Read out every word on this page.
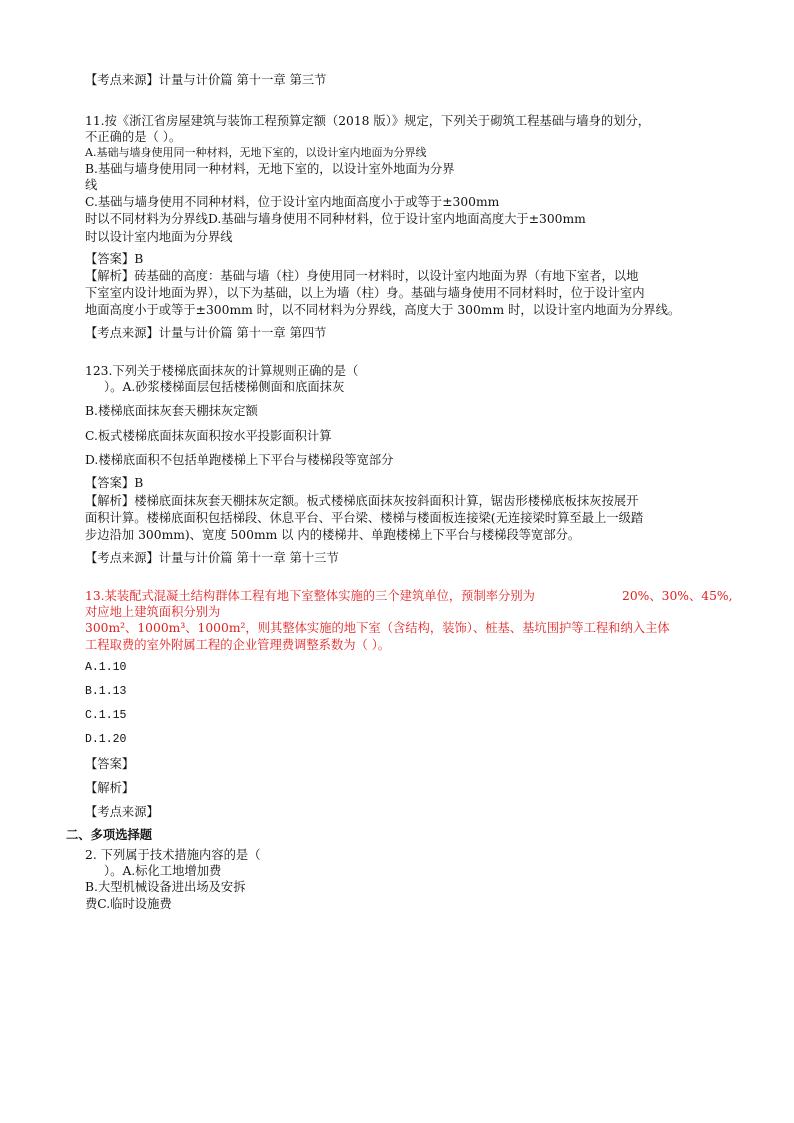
【考点来源】计量与计价篇 第十一章 第三节
11.按《浙江省房屋建筑与装饰工程预算定额（2018 版）》规定，下列关于砌筑工程基础与墙身的划分，
不正确的是（ ）。
A.基础与墙身使用同一种材料，无地下室的，以设计室内地面为分界线
B.基础与墙身使用同一种材料，无地下室的，以设计室外地面为分界
线
C.基础与墙身使用不同种材料，位于设计室内地面高度小于或等于±300mm
时以不同材料为分界线D.基础与墙身使用不同种材料，位于设计室内地面高度大于±300mm
时以设计室内地面为分界线
【答案】B
【解析】砖基础的高度：基础与墙（柱）身使用同一材料时，以设计室内地面为界（有地下室者，以地
下室室内设计地面为界），以下为基础，以上为墙（柱）身。基础与墙身使用不同材料时，位于设计室内
地面高度小于或等于±300mm 时，以不同材料为分界线，高度大于 300mm 时，以设计室内地面为分界线。
【考点来源】计量与计价篇 第十一章 第四节
123.下列关于楼梯底面抹灰的计算规则正确的是（
）。A.砂浆楼梯面层包括楼梯侧面和底面抹灰
B.楼梯底面抹灰套天棚抹灰定额
C.板式楼梯底面抹灰面积按水平投影面积计算
D.楼梯底面积不包括单跑楼梯上下平台与楼梯段等宽部分
【答案】B
【解析】楼梯底面抹灰套天棚抹灰定额。板式楼梯底面抹灰按斜面积计算，锯齿形楼梯底板抹灰按展开
面积计算。楼梯底面积包括梯段、休息平台、平台梁、楼梯与楼面板连接梁(无连接梁时算至最上一级踏
步边沿加 300mm)、宽度 500mm 以 内的楼梯井、单跑楼梯上下平台与楼梯段等宽部分。
【考点来源】计量与计价篇 第十一章 第十三节
13.某装配式混凝土结构群体工程有地下室整体实施的三个建筑单位，预制率分别为	20%、30%、45%,
对应地上建筑面积分别为
300m²、1000m³、1000m²，则其整体实施的地下室（含结构，装饰）、桩基、基坑围护等工程和纳入主体
工程取费的室外附属工程的企业管理费调整系数为（ ）。
A.1.10
B.1.13
C.1.15
D.1.20
【答案】
【解析】
【考点来源】
二、多项选择题
2. 下列属于技术措施内容的是（
）。A.标化工地增加费
B.大型机械设备进出场及安拆
费C.临时设施费
